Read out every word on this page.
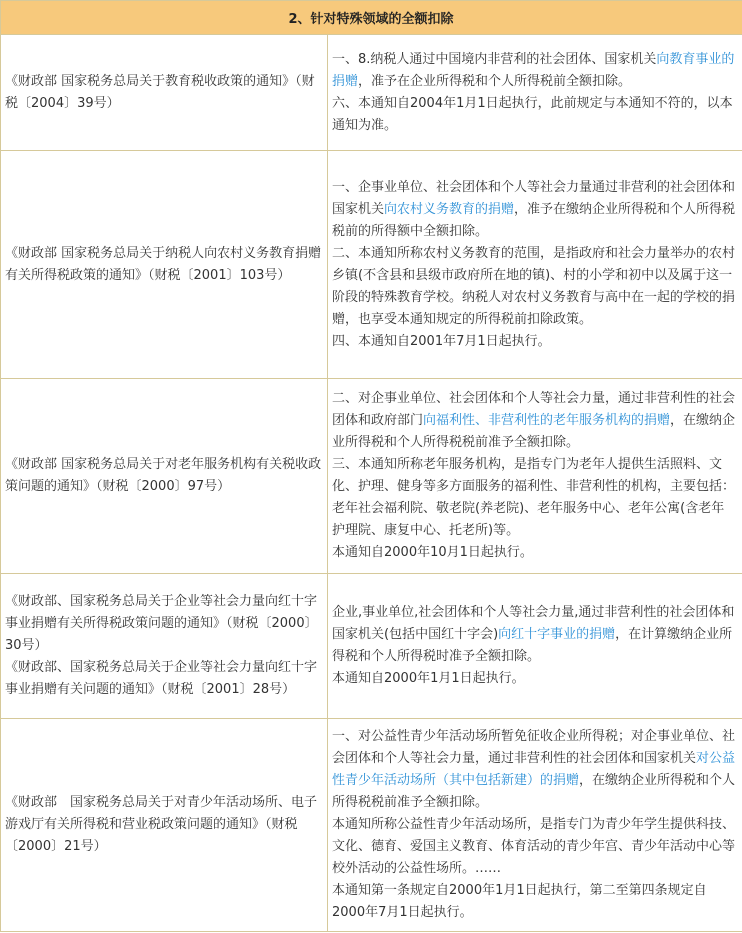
2、针对特殊领域的全额扣除	

《财政部 国家税务总局关于教育税收政策的通知》（财税〔2004〕39号）	一、8.纳税人通过中国境内非营利的社会团体、国家机关向教育事业的捐赠，准予在企业所得税和个人所得税前全额扣除。
六、本通知自2004年1月1日起执行，此前规定与本通知不符的，以本通知为准。

《财政部 国家税务总局关于纳税人向农村义务教育捐赠有关所得税政策的通知》（财税〔2001〕103号）	一、企事业单位、社会团体和个人等社会力量通过非营利的社会团体和国家机关向农村义务教育的捐赠，准予在缴纳企业所得税和个人所得税税前的所得额中全额扣除。
二、本通知所称农村义务教育的范围，是指政府和社会力量举办的农村乡镇(不含县和县级市政府所在地的镇)、村的小学和初中以及属于这一阶段的特殊教育学校。纳税人对农村义务教育与高中在一起的学校的捐赠，也享受本通知规定的所得税前扣除政策。
四、本通知自2001年7月1日起执行。

《财政部 国家税务总局关于对老年服务机构有关税收政策问题的通知》（财税〔2000〕97号）	二、对企事业单位、社会团体和个人等社会力量，通过非营利性的社会团体和政府部门向福利性、非营利性的老年服务机构的捐赠，在缴纳企业所得税和个人所得税税前准予全额扣除。
三、本通知所称老年服务机构，是指专门为老年人提供生活照料、文化、护理、健身等多方面服务的福利性、非营利性的机构，主要包括：老年社会福利院、敬老院(养老院)、老年服务中心、老年公寓(含老年护理院、康复中心、托老所)等。
本通知自2000年10月1日起执行。

《财政部、国家税务总局关于企业等社会力量向红十字事业捐赠有关所得税政策问题的通知》（财税〔2000〕30号）
《财政部、国家税务总局关于企业等社会力量向红十字事业捐赠有关问题的通知》（财税〔2001〕28号）	企业,事业单位,社会团体和个人等社会力量,通过非营利性的社会团体和国家机关(包括中国红十字会)向红十字事业的捐赠，在计算缴纳企业所得税和个人所得税时准予全额扣除。
本通知自2000年1月1日起执行。

《财政部　国家税务总局关于对青少年活动场所、电子游戏厅有关所得税和营业税政策问题的通知》（财税〔2000〕21号）	一、对公益性青少年活动场所暂免征收企业所得税；对企事业单位、社会团体和个人等社会力量，通过非营利性的社会团体和国家机关对公益性青少年活动场所（其中包括新建）的捐赠，在缴纳企业所得税和个人所得税税前准予全额扣除。
本通知所称公益性青少年活动场所，是指专门为青少年学生提供科技、文化、德育、爱国主义教育、体育活动的青少年宫、青少年活动中心等校外活动的公益性场所。……
本通知第一条规定自2000年1月1日起执行，第二至第四条规定自2000年7月1日起执行。
